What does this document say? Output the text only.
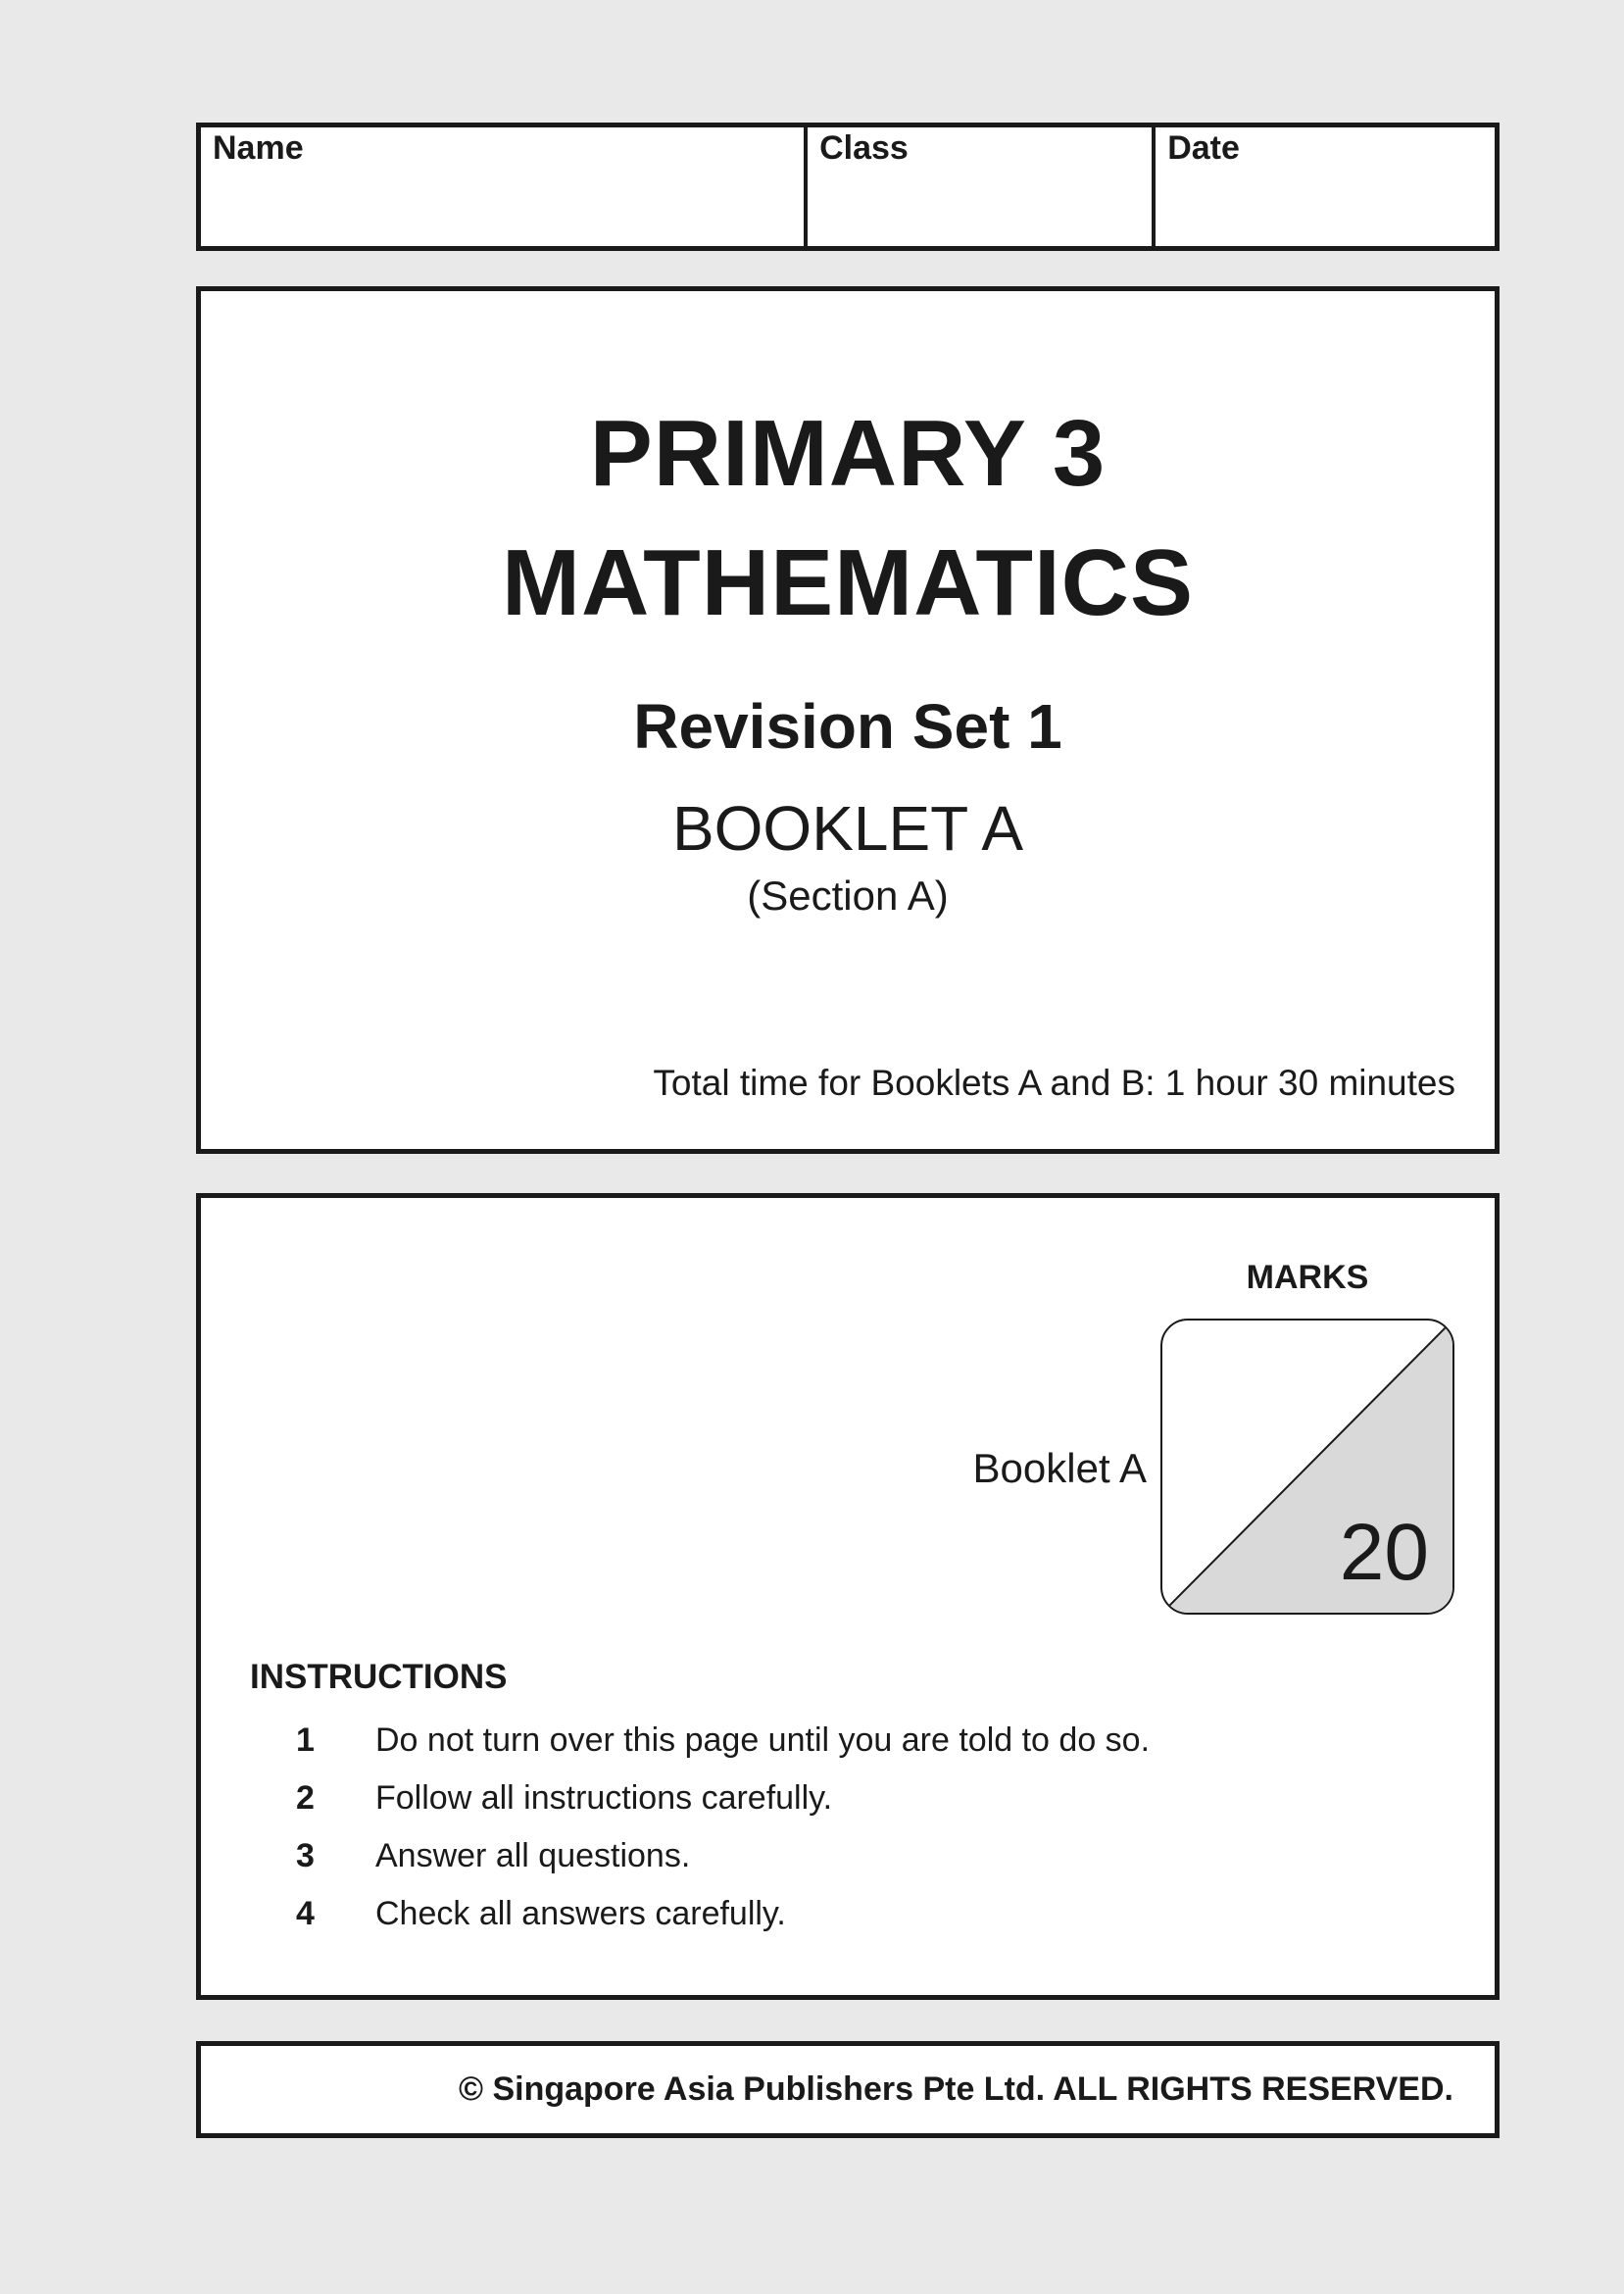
Name	Class	Date
PRIMARY 3
MATHEMATICS
Revision Set 1
BOOKLET A
(Section A)
Total time for Booklets A and B: 1 hour 30 minutes
MARKS
Booklet A
20
INSTRUCTIONS
1	Do not turn over this page until you are told to do so.
2	Follow all instructions carefully.
3	Answer all questions.
4	Check all answers carefully.
© Singapore Asia Publishers Pte Ltd. ALL RIGHTS RESERVED.
